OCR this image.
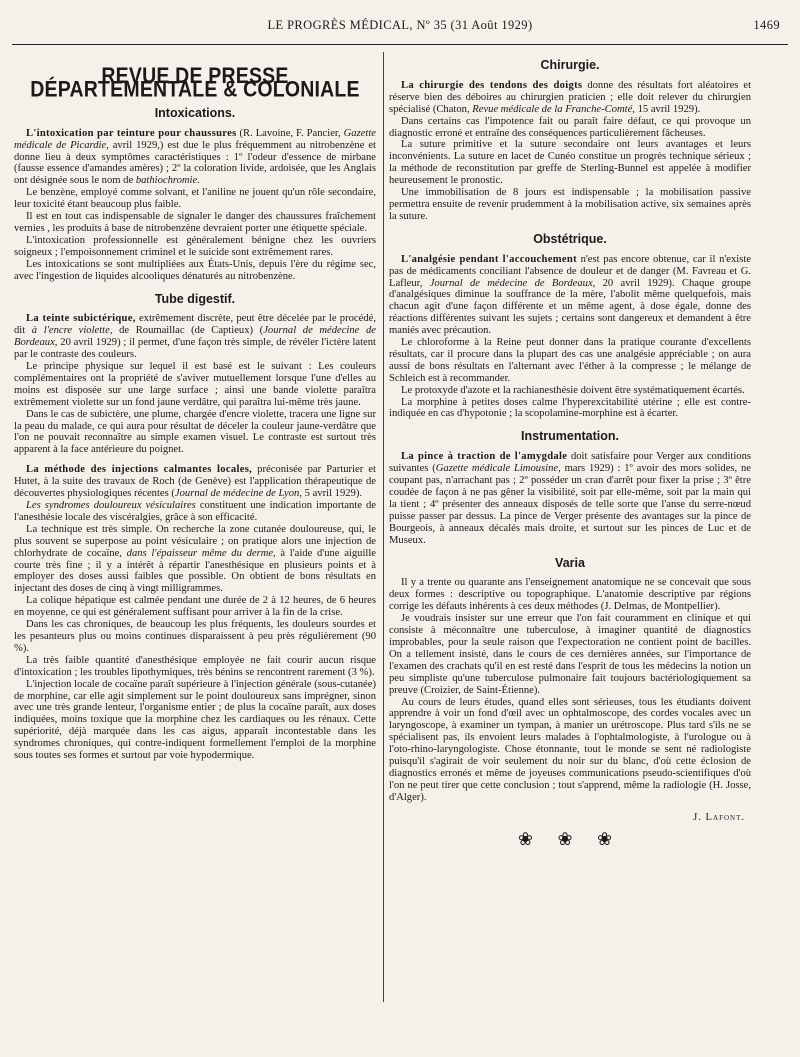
LE PROGRÈS MÉDICAL, Nº 35 (31 Août 1929)	1469
REVUE DE PRESSE DÉPARTEMENTALE & COLONIALE
Intoxications.

L'intoxication par teinture pour chaussures (R. Lavoine, F. Pancier, Gazette médicale de Picardie, avril 1929,) est due le plus fréquemment au nitrobenzène et donne lieu à deux symptômes caractéristiques : 1º l'odeur d'essence de mirbane (fausse essence d'amandes amères) ; 2º la coloration livide, ardoisée, que les Anglais ont désignée sous le nom de bathiochromie.

Le benzène, employé comme solvant, et l'aniline ne jouent qu'un rôle secondaire, leur toxicité étant beaucoup plus faible.

Il est en tout cas indispensable de signaler le danger des chaussures fraîchement vernies , les produits à base de nitrobenzène devraient porter une étiquette spéciale.

L'intoxication professionnelle est généralement bénigne chez les ouvriers soigneux ; l'empoisonnement criminel et le suicide sont extrêmement rares.

Les intoxications se sont multipliées aux États-Unis, depuis l'ère du régime sec, avec l'ingestion de liquides alcooliques dénaturés au nitrobenzène.

Tube digestif.

La teinte subictérique, extrêmement discrète, peut être décelée par le procédé, dit à l'encre violette, de Roumaillac (de Captieux) (Journal de médecine de Bordeaux, 20 avril 1929) ; il permet, d'une façon très simple, de révéler l'ictère latent par le contraste des couleurs.

Le principe physique sur lequel il est basé est le suivant : Les couleurs complémentaires ont la propriété de s'aviver mutuellement lorsque l'une d'elles au moins est disposée sur une large surface ; ainsi une bande violette paraîtra extrêmement violette sur un fond jaune verdâtre, qui paraîtra lui-même très jaune.

Dans le cas de subictère, une plume, chargée d'encre violette, tracera une ligne sur la peau du malade, ce qui aura pour résultat de déceler la couleur jaune-verdâtre que l'on ne pouvait reconnaître au simple examen visuel. Le contraste est surtout très apparent à la face antérieure du poignet.

La méthode des injections calmantes locales, préconisée par Parturier et Hutet, à la suite des travaux de Roch (de Genève) est l'application thérapeutique de découvertes physiologiques récentes (Journal de médecine de Lyon, 5 avril 1929).

Les syndromes douloureux vésiculaires constituent une indication importante de l'anesthésie locale des viscéralgies, grâce à son efficacité.

La technique est très simple. On recherche la zone cutanée douloureuse, qui, le plus souvent se superpose au point vésiculaire ; on pratique alors une injection de chlorhydrate de cocaïne, dans l'épaisseur même du derme, à l'aide d'une aiguille courte très fine ; il y a intérêt à répartir l'anesthésique en plusieurs points et à employer des doses aussi faibles que possible. On obtient de bons résultats en injectant des doses de cinq à vingt milligrammes.

La colique hépatique est calmée pendant une durée de 2 à 12 heures, de 6 heures en moyenne, ce qui est généralement suffisant pour arriver à la fin de la crise.

Dans les cas chroniques, de beaucoup les plus fréquents, les douleurs sourdes et les pesanteurs plus ou moins continues disparaissent à peu près régulièrement (90 %).

La très faible quantité d'anesthésique employée ne fait courir aucun risque d'intoxication ; les troubles lipothymiques, très bénins se rencontrent rarement (3 %).

L'injection locale de cocaïne paraît supérieure à l'injection générale (sous-cutanée) de morphine, car elle agit simplement sur le point douloureux sans imprégner, sinon avec une très grande lenteur, l'organisme entier ; de plus la cocaïne paraît, aux doses indiquées, moins toxique que la morphine chez les cardiaques ou les rénaux. Cette supériorité, déjà marquée dans les cas aigus, apparaît incontestable dans les syndromes chroniques, qui contre-indiquent formellement l'emploi de la morphine sous toutes ses formes et surtout par voie hypodermique.

Chirurgie.

La chirurgie des tendons des doigts donne des résultats fort aléatoires et réserve bien des déboires au chirurgien praticien ; elle doit relever du chirurgien spécialisé (Chaton, Revue médicale de la Franche-Comté, 15 avril 1929).

Dans certains cas l'impotence fait ou paraît faire défaut, ce qui provoque un diagnostic erroné et entraîne des conséquences particulièrement fâcheuses.

La suture primitive et la suture secondaire ont leurs avantages et leurs inconvénients. La suture en lacet de Cunéo constitue un progrès technique sérieux ; la méthode de reconstitution par greffe de Sterling-Bunnel est appelée à modifier heureusement le pronostic.

Une immobilisation de 8 jours est indispensable ; la mobilisation passive permettra ensuite de revenir prudemment à la mobilisation active, six semaines après la suture.

Obstétrique.

L'analgésie pendant l'accouchement n'est pas encore obtenue, car il n'existe pas de médicaments conciliant l'absence de douleur et de danger (M. Favreau et G. Lafleur, Journal de médecine de Bordeaux, 20 avril 1929). Chaque groupe d'analgésiques diminue la souffrance de la mère, l'abolit même quelquefois, mais chacun agit d'une façon différente et un même agent, à dose égale, donne des réactions différentes suivant les sujets ; certains sont dangereux et demandent à être maniés avec précaution.

Le chloroforme à la Reine peut donner dans la pratique courante d'excellents résultats, car il procure dans la plupart des cas une analgésie appréciable ; on aura aussi de bons résultats en l'alternant avec l'éther à la compresse ; le mélange de Schleich est à recommander.

Le protoxyde d'azote et la rachianesthésie doivent être systématiquement écartés.

La morphine à petites doses calme l'hyperexcitabilité utérine ; elle est contre-indiquée en cas d'hypotonie ; la scopolamine-morphine est à écarter.

Instrumentation.

La pince à traction de l'amygdale doit satisfaire pour Verger aux conditions suivantes (Gazette médicale Limousine, mars 1929) : 1º avoir des mors solides, ne coupant pas, n'arrachant pas ; 2º posséder un cran d'arrêt pour fixer la prise ; 3º être coudée de façon à ne pas gêner la visibilité, soit par elle-même, soit par la main qui la tient ; 4º présenter des anneaux disposés de telle sorte que l'anse du serre-nœud puisse passer par dessus. La pince de Verger présente des avantages sur la pince de Bourgeois, à anneaux décalés mais droite, et surtout sur les pinces de Luc et de Museux.

Varia

Il y a trente ou quarante ans l'enseignement anatomique ne se concevait que sous deux formes : descriptive ou topographique. L'anatomie descriptive par régions corrige les défauts inhérents à ces deux méthodes (J. Delmas, de Montpellier).

Je voudrais insister sur une erreur que l'on fait couramment en clinique et qui consiste à méconnaître une tuberculose, à imaginer quantité de diagnostics improbables, pour la seule raison que l'expectoration ne contient point de bacilles. On a tellement insisté, dans le cours de ces dernières années, sur l'importance de l'examen des crachats qu'il en est resté dans l'esprit de tous les médecins la notion un peu simpliste qu'une tuberculose pulmonaire fait toujours bactériologiquement sa preuve (Croizier, de Saint-Étienne).

Au cours de leurs études, quand elles sont sérieuses, tous les étudiants doivent apprendre à voir un fond d'œil avec un ophtalmoscope, des cordes vocales avec un laryngoscope, à examiner un tympan, à manier un urétroscope. Plus tard s'ils ne se spécialisent pas, ils envoient leurs malades à l'ophtalmologiste, à l'urologue ou à l'oto-rhino-laryngologiste. Chose étonnante, tout le monde se sent né radiologiste puisqu'il s'agirait de voir seulement du noir sur du blanc, d'où cette éclosion de diagnostics erronés et même de joyeuses communications pseudo-scientifiques d'où l'on ne peut tirer que cette conclusion ; tout s'apprend, même la radiologie (H. Josse, d'Alger).

J. Lafont.
❀ ❀ ❀
